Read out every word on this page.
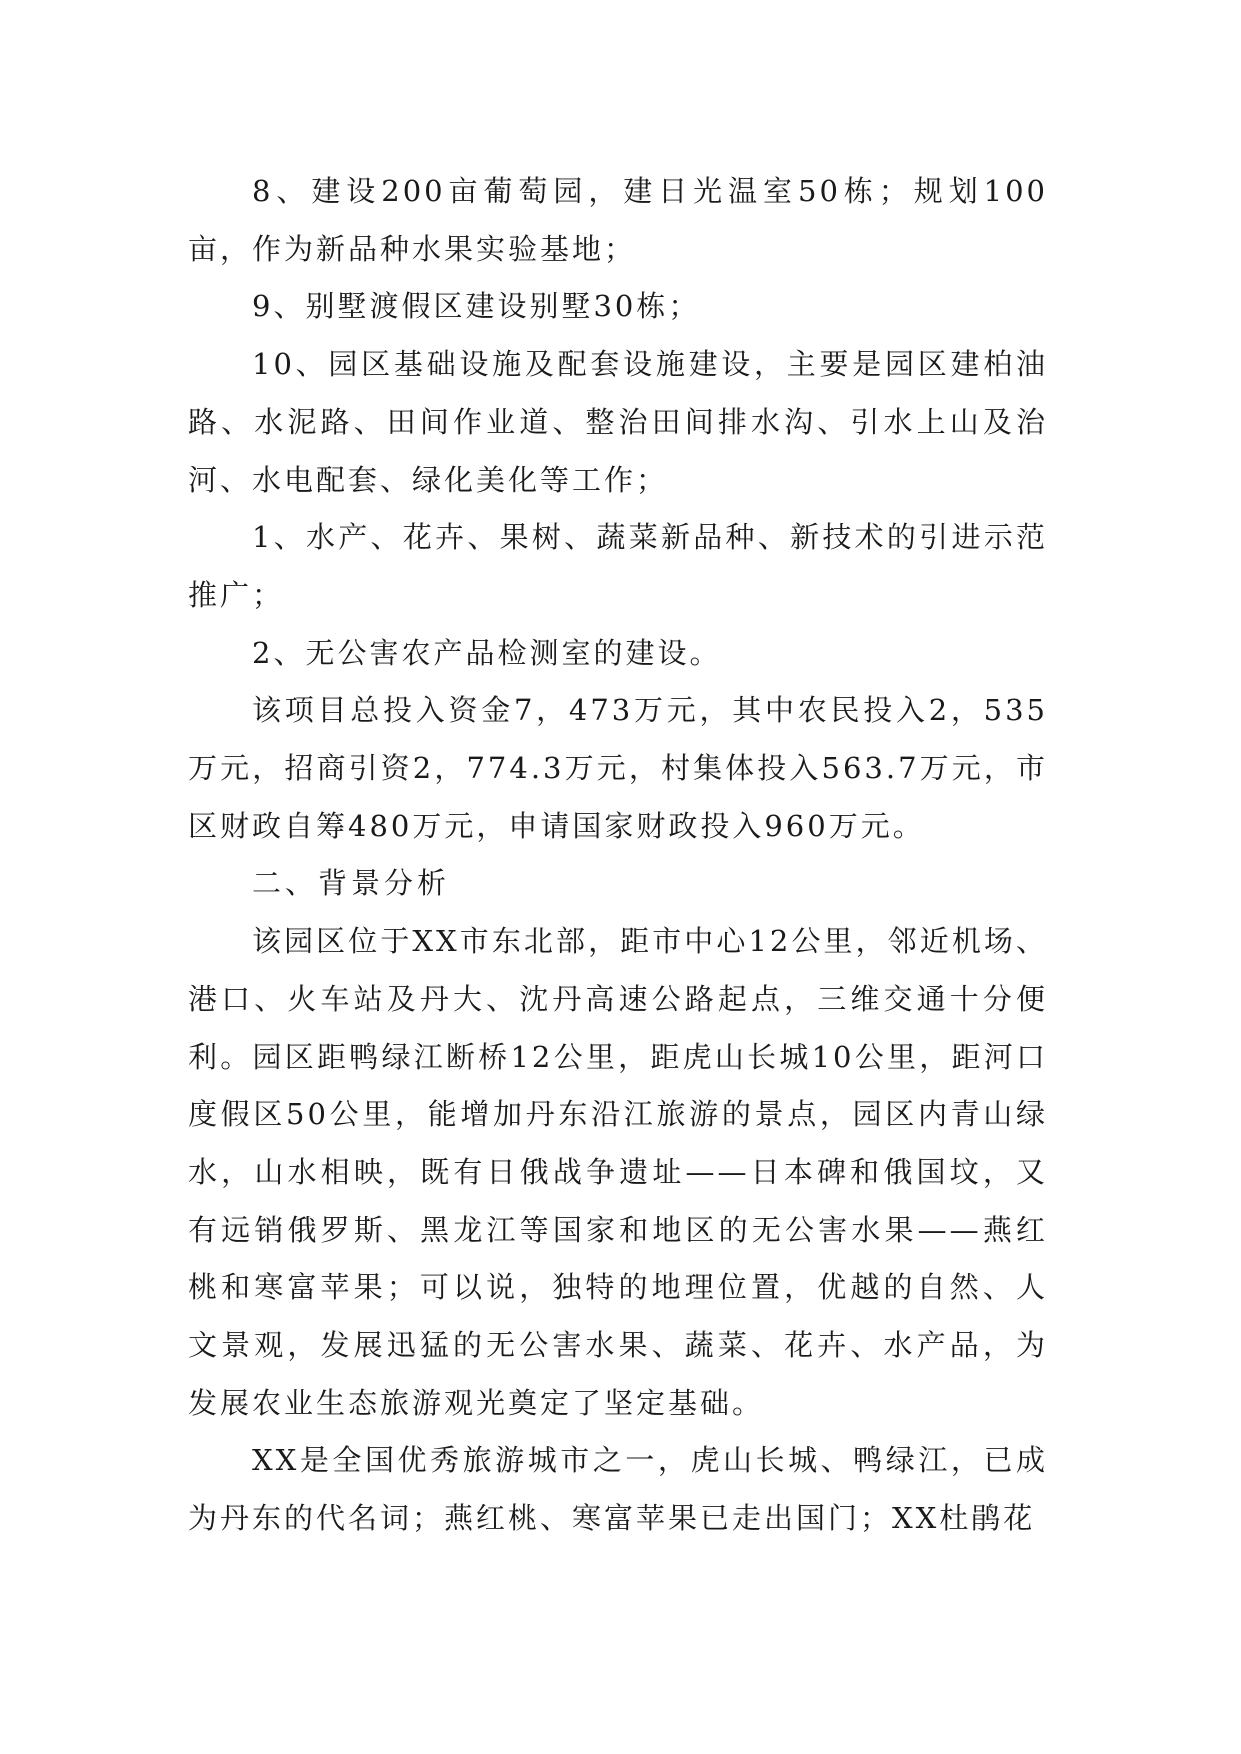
8、建设200亩葡萄园，建日光温室50栋；规划100亩，作为新品种水果实验基地；

9、别墅渡假区建设别墅30栋；

10、园区基础设施及配套设施建设，主要是园区建柏油路、水泥路、田间作业道、整治田间排水沟、引水上山及治河、水电配套、绿化美化等工作；

1、水产、花卉、果树、蔬菜新品种、新技术的引进示范推广；

2、无公害农产品检测室的建设。

该项目总投入资金7，473万元，其中农民投入2，535万元，招商引资2，774.3万元，村集体投入563.7万元，市区财政自筹480万元，申请国家财政投入960万元。

二、背景分析

该园区位于XX市东北部，距市中心12公里，邻近机场、港口、火车站及丹大、沈丹高速公路起点，三维交通十分便利。园区距鸭绿江断桥12公里，距虎山长城10公里，距河口度假区50公里，能增加丹东沿江旅游的景点，园区内青山绿水，山水相映，既有日俄战争遗址——日本碑和俄国坟，又有远销俄罗斯、黑龙江等国家和地区的无公害水果——燕红桃和寒富苹果；可以说，独特的地理位置，优越的自然、人文景观，发展迅猛的无公害水果、蔬菜、花卉、水产品，为发展农业生态旅游观光奠定了坚定基础。

XX是全国优秀旅游城市之一，虎山长城、鸭绿江，已成为丹东的代名词；燕红桃、寒富苹果已走出国门；XX杜鹃花
